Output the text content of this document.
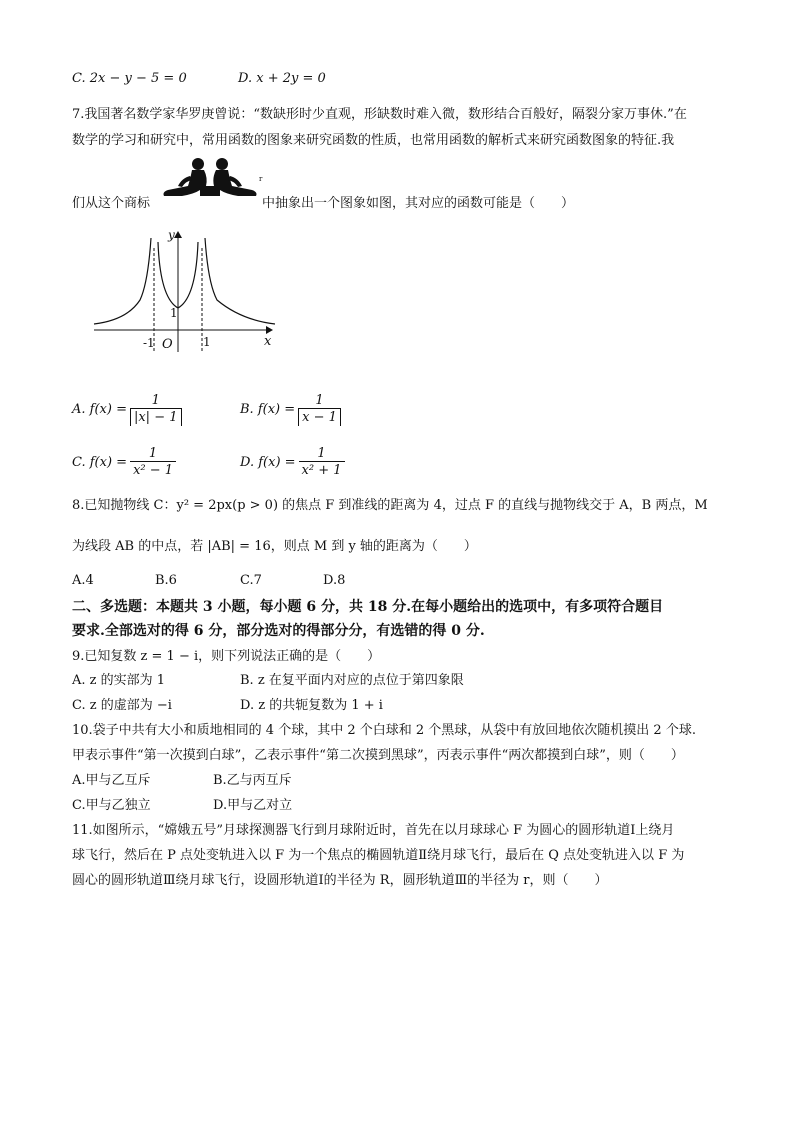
C. 2x − y − 5 = 0	D. x + 2y = 0
7.我国著名数学家华罗庚曾说：“数缺形时少直观，形缺数时难入微，数形结合百般好，隔裂分家万事休.”在
数学的学习和研究中，常用函数的图象来研究函数的性质，也常用函数的解析式来研究函数图象的特征.我
们从这个商标
r
中抽象出一个图象如图，其对应的函数可能是（　　）
y
x
O
-1	1
1
A. $f(x) = \frac{1}{|x| - 1}$	B. $f(x) = \frac{1}{x - 1}$
C. $f(x) = \frac{1}{\text{x² − 1}}$	D. $f(x) = \frac{1}{\text{x² + 1}}$
8.已知抛物线 C：y² = 2px(p > 0) 的焦点 F 到准线的距离为 4，过点 F 的直线与抛物线交于 A，B 两点，M
为线段 AB 的中点，若 |AB| = 16，则点 M 到 y 轴的距离为（　　）
A.4	B.6	C.7	D.8
二、多选题：本题共 3 小题，每小题 6 分，共 18 分.在每小题给出的选项中，有多项符合题目
要求.全部选对的得 6 分，部分选对的得部分分，有选错的得 0 分.
9.已知复数 z = 1 − i，则下列说法正确的是（　　）
A. z 的实部为 1	B. z 在复平面内对应的点位于第四象限
C. z 的虚部为 −i	D. z 的共轭复数为 1 + i
10.袋子中共有大小和质地相同的 4 个球，其中 2 个白球和 2 个黑球，从袋中有放回地依次随机摸出 2 个球.
甲表示事件“第一次摸到白球”，乙表示事件“第二次摸到黑球”，丙表示事件“两次都摸到白球”，则（　　）
A.甲与乙互斥	B.乙与丙互斥
C.甲与乙独立	D.甲与乙对立
11.如图所示，“嫦娥五号”月球探测器飞行到月球附近时，首先在以月球球心 F 为圆心的圆形轨道Ⅰ上绕月
球飞行，然后在 P 点处变轨进入以 F 为一个焦点的椭圆轨道Ⅱ绕月球飞行，最后在 Q 点处变轨进入以 F 为
圆心的圆形轨道Ⅲ绕月球飞行，设圆形轨道Ⅰ的半径为 R，圆形轨道Ⅲ的半径为 r，则（　　）
